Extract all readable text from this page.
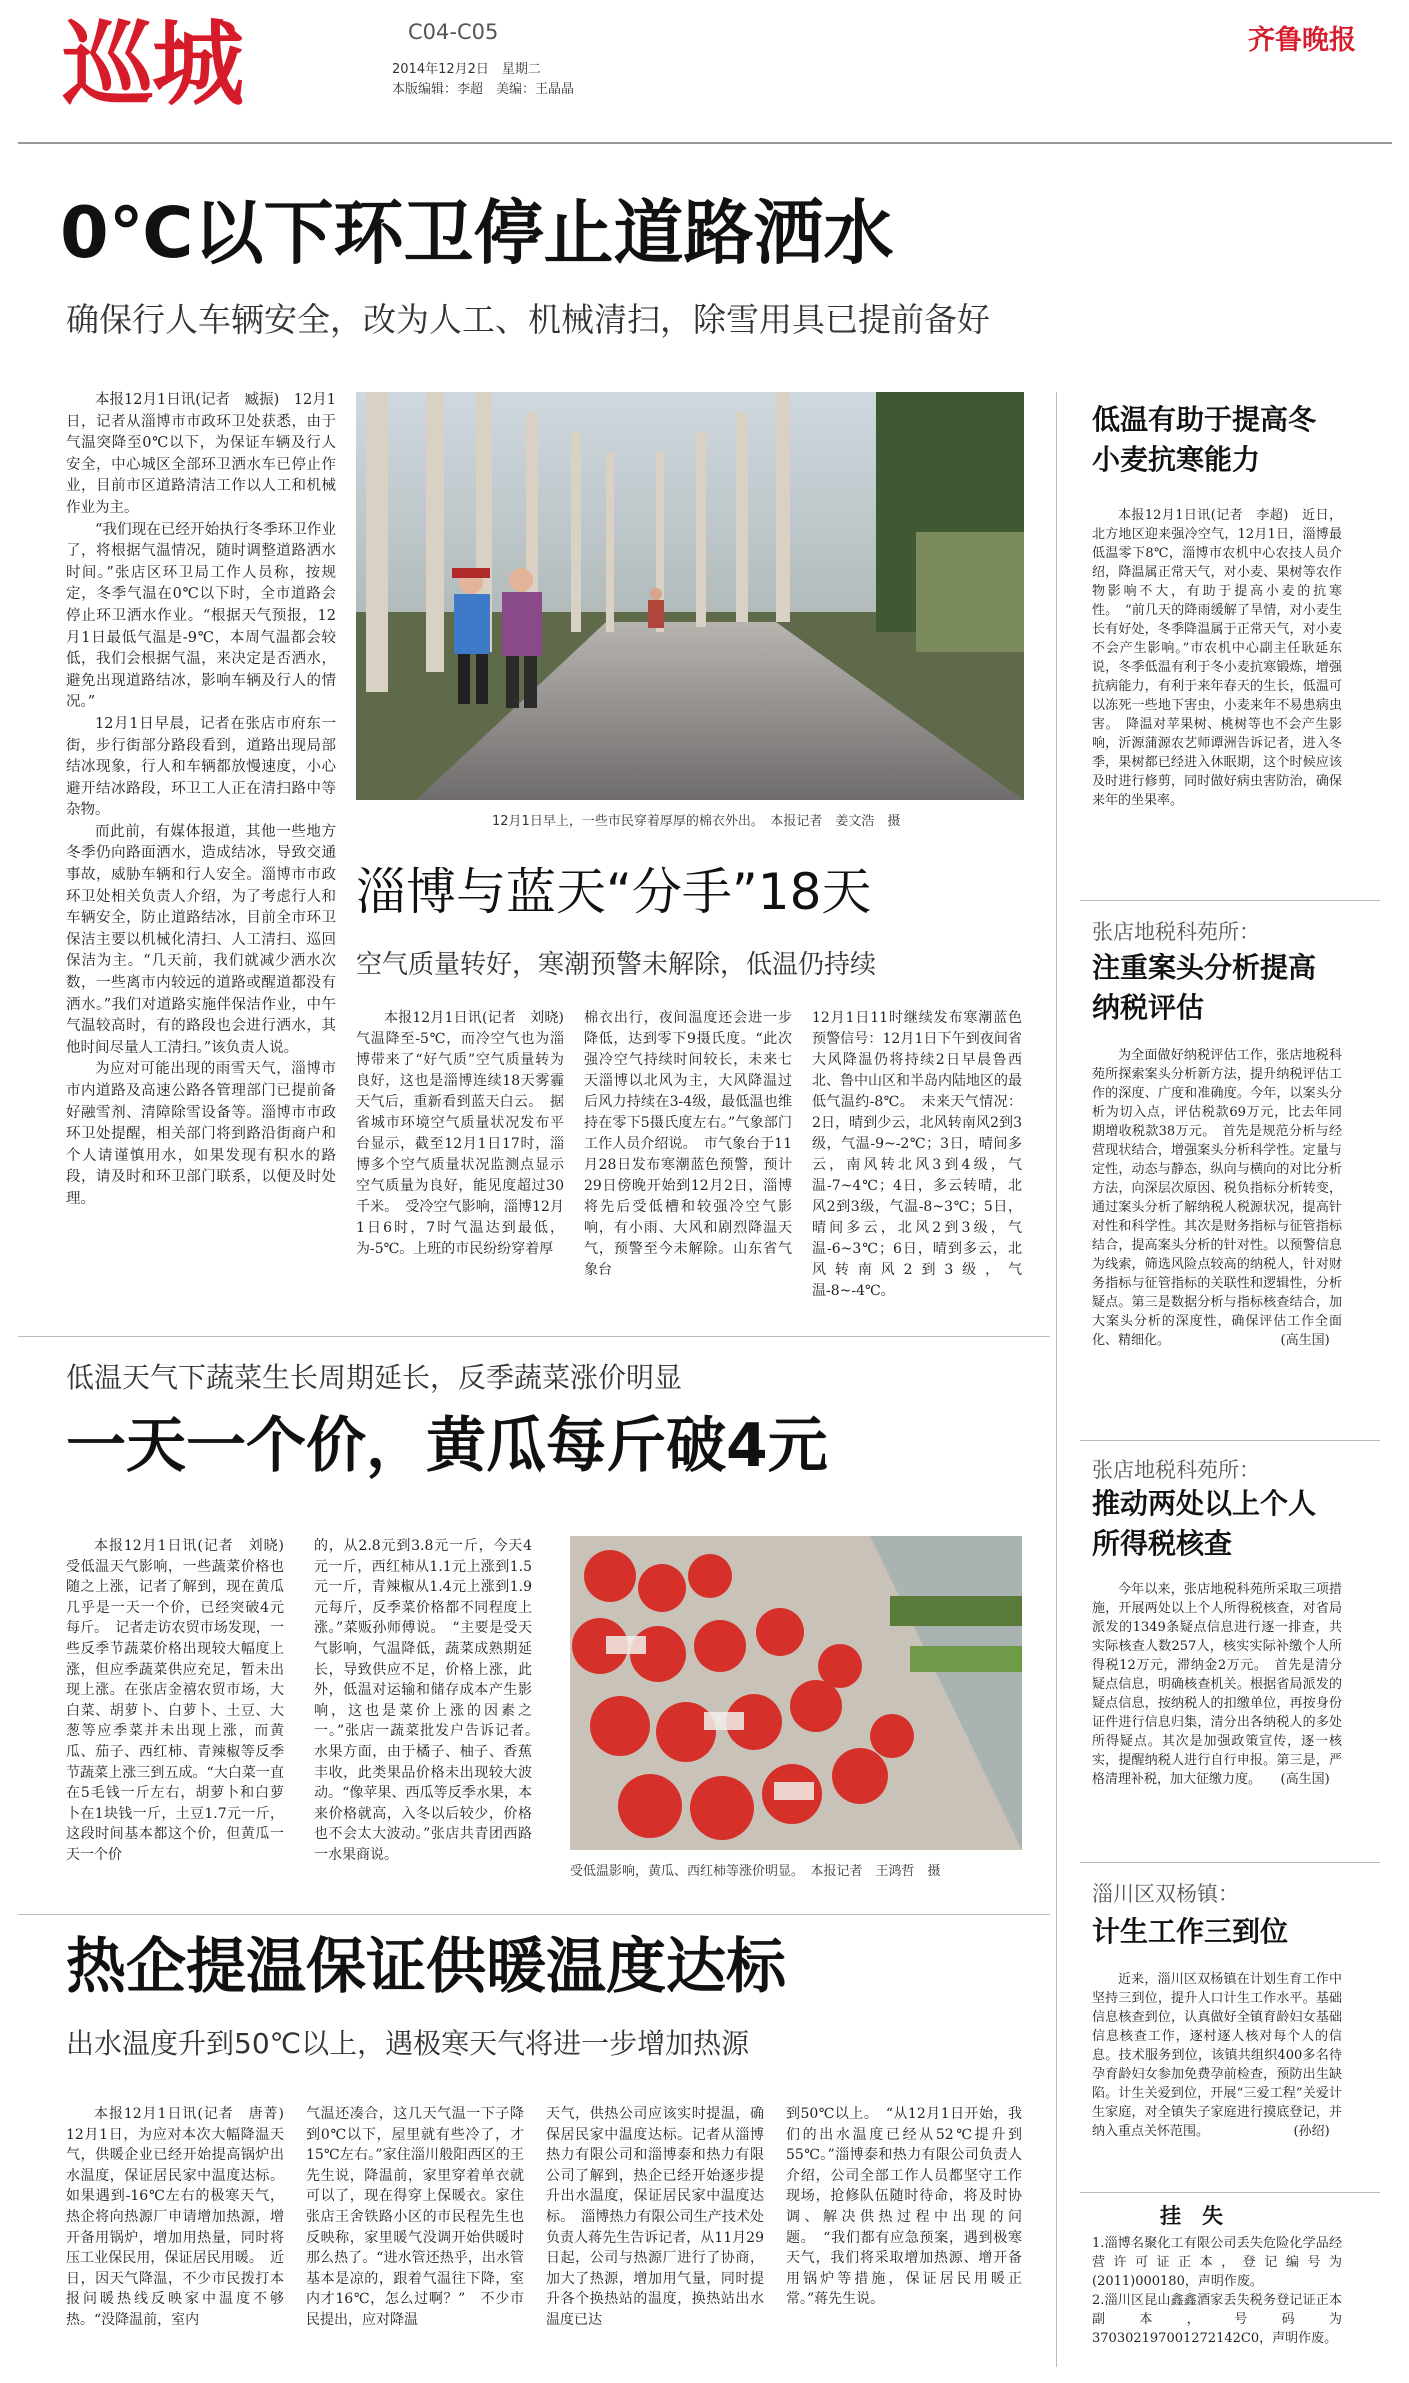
巡城	C04-C05
2014年12月2日　星期二
本版编辑：李超　美编：王晶晶
齐鲁晚报
0℃以下环卫停止道路洒水
确保行人车辆安全，改为人工、机械清扫，除雪用具已提前备好

本报12月1日讯(记者　臧振)　12月1日，记者从淄博市市政环卫处获悉，由于气温突降至0℃以下，为保证车辆及行人安全，中心城区全部环卫洒水车已停止作业，目前市区道路清洁工作以人工和机械作业为主。

“我们现在已经开始执行冬季环卫作业了，将根据气温情况，随时调整道路洒水时间。”张店区环卫局工作人员称，按规定，冬季气温在0℃以下时，全市道路会停止环卫洒水作业。“根据天气预报，12月1日最低气温是-9℃，本周气温都会较低，我们会根据气温，来决定是否洒水，避免出现道路结冰，影响车辆及行人的情况。”

12月1日早晨，记者在张店市府东一街，步行街部分路段看到，道路出现局部结冰现象，行人和车辆都放慢速度，小心避开结冰路段，环卫工人正在清扫路中等杂物。

而此前，有媒体报道，其他一些地方冬季仍向路面洒水，造成结冰，导致交通事故，威胁车辆和行人安全。淄博市市政环卫处相关负责人介绍，为了考虑行人和车辆安全，防止道路结冰，目前全市环卫保洁主要以机械化清扫、人工清扫、巡回保洁为主。“几天前，我们就减少洒水次数，一些离市内较远的道路或醒道都没有洒水。”我们对道路实施伴保洁作业，中午气温较高时，有的路段也会进行洒水，其他时间尽量人工清扫。”该负责人说。

为应对可能出现的雨雪天气，淄博市市内道路及高速公路各管理部门已提前备好融雪剂、清障除雪设备等。淄博市市政环卫处提醒，相关部门将到路沿街商户和个人请谨慎用水，如果发现有积水的路段，请及时和环卫部门联系，以便及时处理。

12月1日早上，一些市民穿着厚厚的棉衣外出。　本报记者　姜文浩　摄
淄博与蓝天“分手”18天
空气质量转好，寒潮预警未解除，低温仍持续

本报12月1日讯(记者　刘晓)　气温降至-5℃，而冷空气也为淄博带来了“好气质”空气质量转为良好，这也是淄博连续18天雾霾天气后，重新看到蓝天白云。　据省城市环境空气质量状况发布平台显示，截至12月1日17时，淄博多个空气质量状况监测点显示空气质量为良好，能见度超过30千米。　受冷空气影响，淄博12月1日6时，7时气温达到最低，为-5℃。上班的市民纷纷穿着厚

棉衣出行，夜间温度还会进一步降低，达到零下9摄氏度。“此次强冷空气持续时间较长，未来七天淄博以北风为主，大风降温过后风力持续在3-4级，最低温也维持在零下5摄氏度左右。”气象部门工作人员介绍说。　市气象台于11月28日发布寒潮蓝色预警，预计29日傍晚开始到12月2日，淄博将先后受低槽和较强冷空气影响，有小雨、大风和剧烈降温天气，预警至今未解除。山东省气象台

12月1日11时继续发布寒潮蓝色预警信号：12月1日下午到夜间省大风降温仍将持续2日早晨鲁西北、鲁中山区和半岛内陆地区的最低气温约-8℃。　未来天气情况：2日，晴到少云，北风转南风2到3级，气温-9~-2℃；3日，晴间多云，南风转北风3到4级，气温-7~4℃；4日，多云转晴，北风2到3级，气温-8~3℃；5日，晴间多云，北风2到3级，气温-6~3℃；6日，晴到多云，北风转南风2到3级，气温-8~-4℃。

低温天气下蔬菜生长周期延长，反季蔬菜涨价明显
一天一个价，黄瓜每斤破4元

本报12月1日讯(记者　刘晓)　受低温天气影响，一些蔬菜价格也随之上涨，记者了解到，现在黄瓜几乎是一天一个价，已经突破4元每斤。　记者走访农贸市场发现，一些反季节蔬菜价格出现较大幅度上涨，但应季蔬菜供应充足，暂未出现上涨。在张店金禧农贸市场，大白菜、胡萝卜、白萝卜、土豆、大葱等应季菜并未出现上涨，而黄瓜、茄子、西红柿、青辣椒等反季节蔬菜上涨三到五成。“大白菜一直在5毛钱一斤左右，胡萝卜和白萝卜在1块钱一斤，土豆1.7元一斤，这段时间基本都这个价，但黄瓜一天一个价

的，从2.8元到3.8元一斤，今天4元一斤，西红柿从1.1元上涨到1.5元一斤，青辣椒从1.4元上涨到1.9元每斤，反季菜价格都不同程度上涨。”菜贩孙师傅说。　“主要是受天气影响，气温降低，蔬菜成熟期延长，导致供应不足，价格上涨，此外，低温对运输和储存成本产生影响，这也是菜价上涨的因素之一。”张店一蔬菜批发户告诉记者。　水果方面，由于橘子、柚子、香蕉丰收，此类果品价格未出现较大波动。“像苹果、西瓜等反季水果，本来价格就高，入冬以后较少，价格也不会太大波动。”张店共青团西路一水果商说。

受低温影响，黄瓜、西红柿等涨价明显。　本报记者　王鸿哲　摄
热企提温保证供暖温度达标
出水温度升到50℃以上，遇极寒天气将进一步增加热源

本报12月1日讯(记者　唐菁)　12月1日，为应对本次大幅降温天气，供暖企业已经开始提高锅炉出水温度，保证居民家中温度达标。如果遇到-16℃左右的极寒天气，热企将向热源厂申请增加热源，增开备用锅炉，增加用热量，同时将压工业保民用，保证居民用暖。　近日，因天气降温，不少市民拨打本报问暖热线反映家中温度不够热。“没降温前，室内

气温还凑合，这几天气温一下子降到0℃以下，屋里就有些冷了，才15℃左右。”家住淄川般阳西区的王先生说，降温前，家里穿着单衣就可以了，现在得穿上保暖衣。家住张店王舍铁路小区的市民程先生也反映称，家里暖气没调开始供暖时那么热了。“进水管还热乎，出水管基本是凉的，跟着气温往下降，室内才16℃，怎么过啊？”　不少市民提出，应对降温

天气，供热公司应该实时提温，确保居民家中温度达标。记者从淄博热力有限公司和淄博泰和热力有限公司了解到，热企已经开始逐步提升出水温度，保证居民家中温度达标。　淄博热力有限公司生产技术处负责人蒋先生告诉记者，从11月29日起，公司与热源厂进行了协商，加大了热源，增加用气量，同时提升各个换热站的温度，换热站出水温度已达

到50℃以上。　“从12月1日开始，我们的出水温度已经从52℃提升到55℃。”淄博泰和热力有限公司负责人介绍，公司全部工作人员都坚守工作现场，抢修队伍随时待命，将及时协调、解决供热过程中出现的问题。　“我们都有应急预案，遇到极寒天气，我们将采取增加热源、增开备用锅炉等措施，保证居民用暖正常。”蒋先生说。

低温有助于提高冬小麦抗寒能力

本报12月1日讯(记者　李超)　近日，北方地区迎来强冷空气，12月1日，淄博最低温零下8℃，淄博市农机中心农技人员介绍，降温属正常天气，对小麦、果树等农作物影响不大，有助于提高小麦的抗寒性。　“前几天的降雨缓解了旱情，对小麦生长有好处，冬季降温属于正常天气，对小麦不会产生影响。”市农机中心副主任耿延东说，冬季低温有利于冬小麦抗寒锻炼，增强抗病能力，有利于来年春天的生长，低温可以冻死一些地下害虫，小麦来年不易患病虫害。　降温对苹果树、桃树等也不会产生影响，沂源蒲源农艺师谭洲告诉记者，进入冬季，果树都已经进入休眠期，这个时候应该及时进行修剪，同时做好病虫害防治，确保来年的坐果率。

张店地税科苑所：
注重案头分析提高纳税评估

为全面做好纳税评估工作，张店地税科苑所探索案头分析新方法，提升纳税评估工作的深度、广度和准确度。今年，以案头分析为切入点，评估税款69万元，比去年同期增收税款38万元。　首先是规范分析与经营现状结合，增强案头分析科学性。定量与定性，动态与静态，纵向与横向的对比分析方法，向深层次原因、税负指标分析转变，通过案头分析了解纳税人税源状况，提高针对性和科学性。其次是财务指标与征管指标结合，提高案头分析的针对性。以预警信息为线索，筛选风险点较高的纳税人，针对财务指标与征管指标的关联性和逻辑性，分析疑点。第三是数据分析与指标核查结合，加大案头分析的深度性，确保评估工作全面化、精细化。　　　　　　　　　(高生国)

张店地税科苑所：
推动两处以上个人所得税核查

今年以来，张店地税科苑所采取三项措施，开展两处以上个人所得税核查，对省局派发的1349条疑点信息进行逐一排查，共实际核查人数257人，核实实际补缴个人所得税12万元，滞纳金2万元。　首先是清分疑点信息，明确核查机关。根据省局派发的疑点信息，按纳税人的扣缴单位，再按身份证件进行信息归集，清分出各纳税人的多处所得疑点。其次是加强政策宣传，逐一核实，提醒纳税人进行自行申报。第三是，严格清理补税，加大征缴力度。　　(高生国)

淄川区双杨镇：
计生工作三到位

近来，淄川区双杨镇在计划生育工作中坚持三到位，提升人口计生工作水平。基础信息核查到位，认真做好全镇育龄妇女基础信息核查工作，逐村逐人核对每个人的信息。技术服务到位，该镇共组织400多名待孕育龄妇女参加免费孕前检查，预防出生缺陷。计生关爱到位，开展“三爱工程”关爱计生家庭，对全镇失子家庭进行摸底登记，并纳入重点关怀范围。　　　　　　　(孙绍)

挂　失
1.淄博名聚化工有限公司丢失危险化学品经营许可证正本，登记编号为(2011)000180，声明作废。
2.淄川区昆山鑫鑫酒家丢失税务登记证正本副本，号码为370302197001272142C0，声明作废。
